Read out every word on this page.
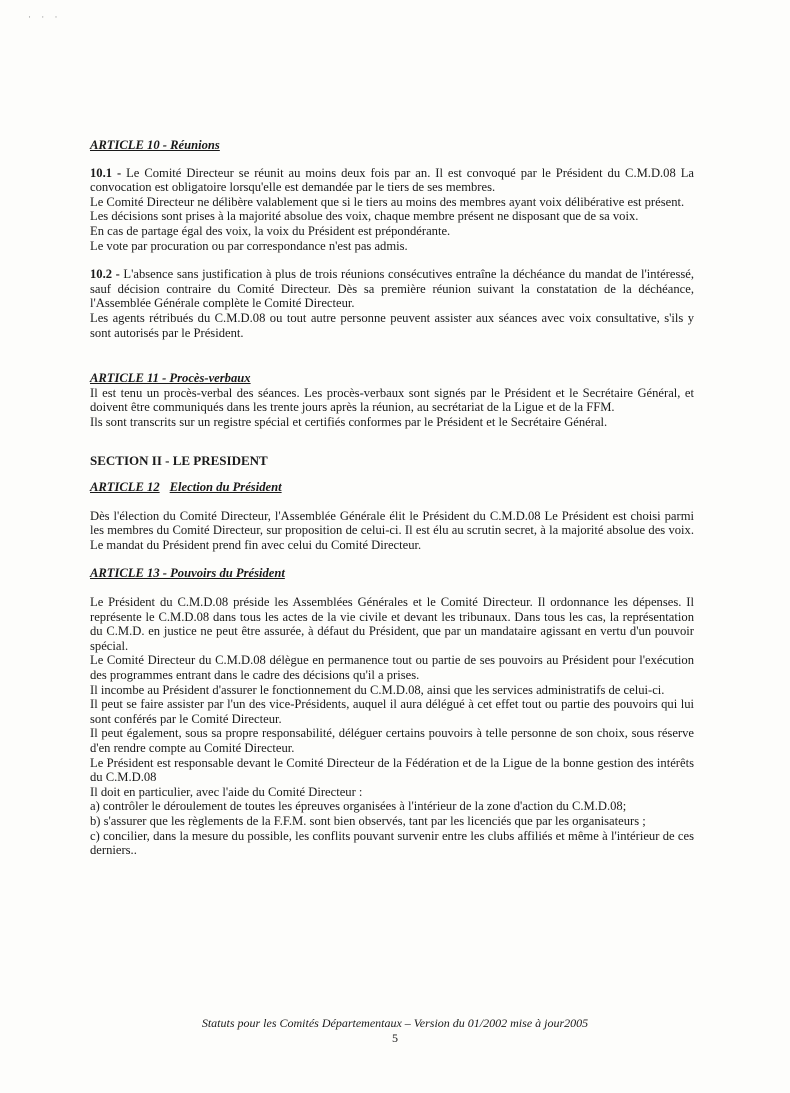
· · ·
ARTICLE 10 - Réunions

10.1 - Le Comité Directeur se réunit au moins deux fois par an. Il est convoqué par le Président du C.M.D.08 La convocation est obligatoire lorsqu'elle est demandée par le tiers de ses membres.

Le Comité Directeur ne délibère valablement que si le tiers au moins des membres ayant voix délibérative est présent.

Les décisions sont prises à la majorité absolue des voix, chaque membre présent ne disposant que de sa voix.

En cas de partage égal des voix, la voix du Président est prépondérante.

Le vote par procuration ou par correspondance n'est pas admis.

10.2 - L'absence sans justification à plus de trois réunions consécutives entraîne la déchéance du mandat de l'intéressé, sauf décision contraire du Comité Directeur. Dès sa première réunion suivant la constatation de la déchéance, l'Assemblée Générale complète le Comité Directeur.

Les agents rétribués du C.M.D.08 ou tout autre personne peuvent assister aux séances avec voix consultative, s'ils y sont autorisés par le Président.

ARTICLE 11 - Procès-verbaux

Il est tenu un procès-verbal des séances. Les procès-verbaux sont signés par le Président et le Secrétaire Général, et doivent être communiqués dans les trente jours après la réunion, au secrétariat de la Ligue et de la FFM.

Ils sont transcrits sur un registre spécial et certifiés conformes par le Président et le Secrétaire Général.

SECTION II - LE PRESIDENT
ARTICLE 12 Election du Président

Dès l'élection du Comité Directeur, l'Assemblée Générale élit le Président du C.M.D.08 Le Président est choisi parmi les membres du Comité Directeur, sur proposition de celui-ci. Il est élu au scrutin secret, à la majorité absolue des voix. Le mandat du Président prend fin avec celui du Comité Directeur.

ARTICLE 13 - Pouvoirs du Président

Le Président du C.M.D.08 préside les Assemblées Générales et le Comité Directeur. Il ordonnance les dépenses. Il représente le C.M.D.08 dans tous les actes de la vie civile et devant les tribunaux. Dans tous les cas, la représentation du C.M.D. en justice ne peut être assurée, à défaut du Président, que par un mandataire agissant en vertu d'un pouvoir spécial.

Le Comité Directeur du C.M.D.08 délègue en permanence tout ou partie de ses pouvoirs au Président pour l'exécution des programmes entrant dans le cadre des décisions qu'il a prises.

Il incombe au Président d'assurer le fonctionnement du C.M.D.08, ainsi que les services administratifs de celui-ci.

Il peut se faire assister par l'un des vice-Présidents, auquel il aura délégué à cet effet tout ou partie des pouvoirs qui lui sont conférés par le Comité Directeur.

Il peut également, sous sa propre responsabilité, déléguer certains pouvoirs à telle personne de son choix, sous réserve d'en rendre compte au Comité Directeur.

Le Président est responsable devant le Comité Directeur de la Fédération et de la Ligue de la bonne gestion des intérêts du C.M.D.08

Il doit en particulier, avec l'aide du Comité Directeur :

a) contrôler le déroulement de toutes les épreuves organisées à l'intérieur de la zone d'action du C.M.D.08;

b) s'assurer que les règlements de la F.F.M. sont bien observés, tant par les licenciés que par les organisateurs ;

c) concilier, dans la mesure du possible, les conflits pouvant survenir entre les clubs affiliés et même à l'intérieur de ces derniers..

Statuts pour les Comités Départementaux – Version du 01/2002 mise à jour2005
5
